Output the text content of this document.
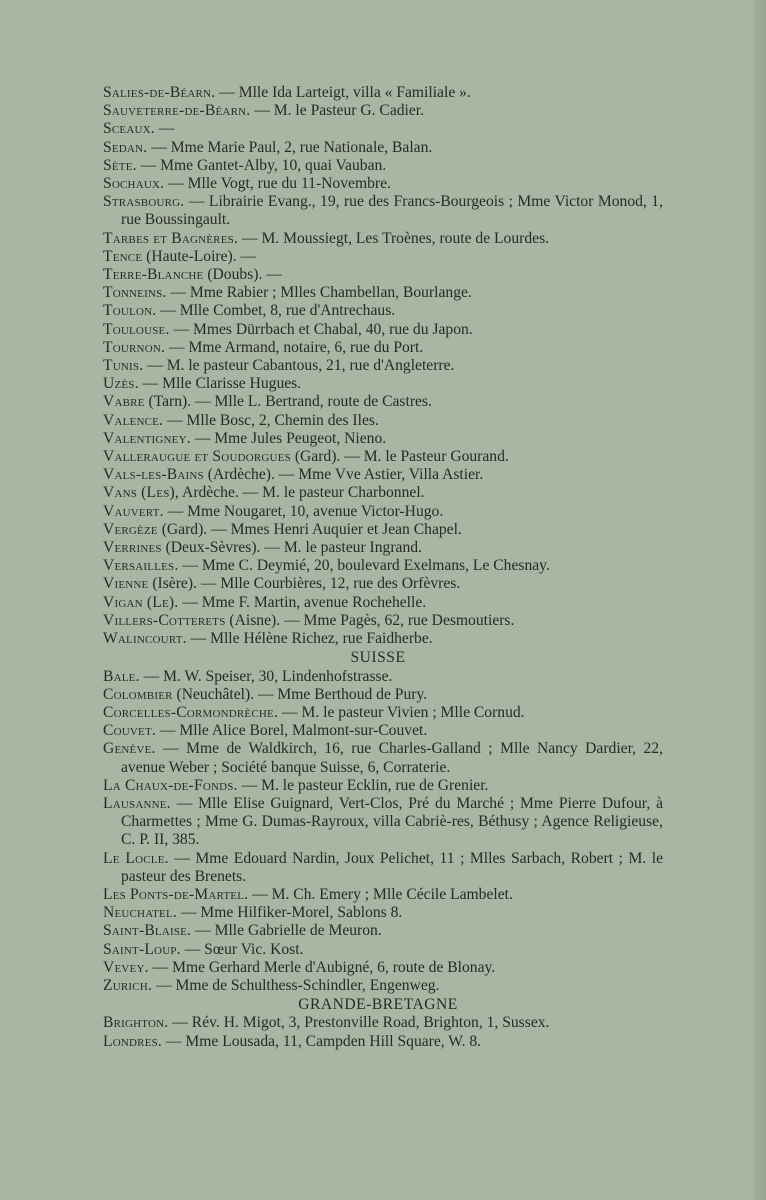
Salies-de-Béarn. — Mlle Ida Larteigt, villa « Familiale ».

Sauveterre-de-Béarn. — M. le Pasteur G. Cadier.

Sceaux. —

Sedan. — Mme Marie Paul, 2, rue Nationale, Balan.

Sète. — Mme Gantet-Alby, 10, quai Vauban.

Sochaux. — Mlle Vogt, rue du 11-Novembre.

Strasbourg. — Librairie Evang., 19, rue des Francs-Bourgeois ; Mme Victor Monod, 1, rue Boussingault.

Tarbes et Bagnères. — M. Moussiegt, Les Troènes, route de Lourdes.

Tence (Haute-Loire). —

Terre-Blanche (Doubs). —

Tonneins. — Mme Rabier ; Mlles Chambellan, Bourlange.

Toulon. — Mlle Combet, 8, rue d'Antrechaus.

Toulouse. — Mmes Dürrbach et Chabal, 40, rue du Japon.

Tournon. — Mme Armand, notaire, 6, rue du Port.

Tunis. — M. le pasteur Cabantous, 21, rue d'Angleterre.

Uzès. — Mlle Clarisse Hugues.

Vabre (Tarn). — Mlle L. Bertrand, route de Castres.

Valence. — Mlle Bosc, 2, Chemin des Iles.

Valentigney. — Mme Jules Peugeot, Nieno.

Valleraugue et Soudorgues (Gard). — M. le Pasteur Gourand.

Vals-les-Bains (Ardèche). — Mme Vve Astier, Villa Astier.

Vans (Les), Ardèche. — M. le pasteur Charbonnel.

Vauvert. — Mme Nougaret, 10, avenue Victor-Hugo.

Vergèze (Gard). — Mmes Henri Auquier et Jean Chapel.

Verrines (Deux-Sèvres). — M. le pasteur Ingrand.

Versailles. — Mme C. Deymié, 20, boulevard Exelmans, Le Chesnay.

Vienne (Isère). — Mlle Courbières, 12, rue des Orfèvres.

Vigan (Le). — Mme F. Martin, avenue Rochehelle.

Villers-Cotterets (Aisne). — Mme Pagès, 62, rue Desmoutiers.

Walincourt. — Mlle Hélène Richez, rue Faidherbe.

SUISSE

Bale. — M. W. Speiser, 30, Lindenhofstrasse.

Colombier (Neuchâtel). — Mme Berthoud de Pury.

Corcelles-Cormondrèche. — M. le pasteur Vivien ; Mlle Cornud.

Couvet. — Mlle Alice Borel, Malmont-sur-Couvet.

Genève. — Mme de Waldkirch, 16, rue Charles-Galland ; Mlle Nancy Dardier, 22, avenue Weber ; Société banque Suisse, 6, Corraterie.

La Chaux-de-Fonds. — M. le pasteur Ecklin, rue de Grenier.

Lausanne. — Mlle Elise Guignard, Vert-Clos, Pré du Marché ; Mme Pierre Dufour, à Charmettes ; Mme G. Dumas-Rayroux, villa Cabriè-res, Béthusy ; Agence Religieuse, C. P. II, 385.

Le Locle. — Mme Edouard Nardin, Joux Pelichet, 11 ; Mlles Sarbach, Robert ; M. le pasteur des Brenets.

Les Ponts-de-Martel. — M. Ch. Emery ; Mlle Cécile Lambelet.

Neuchatel. — Mme Hilfiker-Morel, Sablons 8.

Saint-Blaise. — Mlle Gabrielle de Meuron.

Saint-Loup. — Sœur Vic. Kost.

Vevey. — Mme Gerhard Merle d'Aubigné, 6, route de Blonay.

Zurich. — Mme de Schulthess-Schindler, Engenweg.

GRANDE-BRETAGNE

Brighton. — Rév. H. Migot, 3, Prestonville Road, Brighton, 1, Sussex.

Londres. — Mme Lousada, 11, Campden Hill Square, W. 8.
